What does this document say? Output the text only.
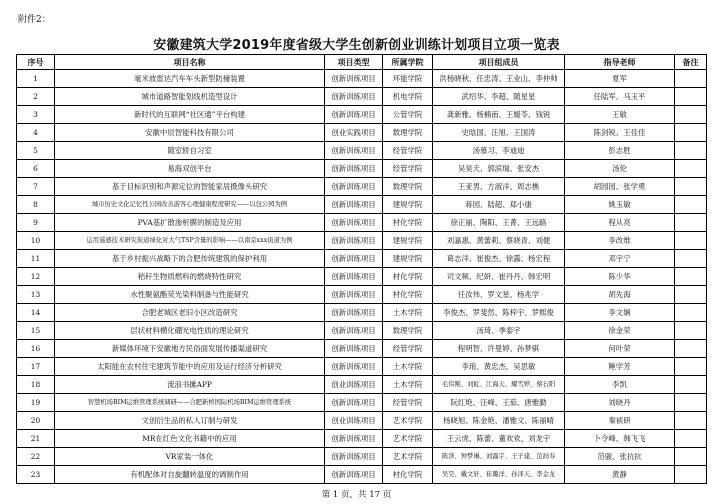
附件2：
安徽建筑大学2019年度省级大学生创新创业训练计划项目立项一览表
序号	项目名称	项目类型	所属学院	项目组成员	指导老师	备注
1	毫米波雷达汽车车头新型防撞装置	创新训练项目	环能学院	洪杨晓秋、任忠涛、王业山、李仲帅	夏军	
2	城市道路智能划线机造型设计	创新训练项目	机电学院	武绍华、李超、随星星	任陆军、马玉平	
3	新时代的互联网“社区通”平台构建	创新训练项目	公管学院	龚新雅、杨楠南、王嫒苓、钱锐	王敏	
4	安徽中辰智能科技有限公司	创业实践项目	数理学院	史晗国、汪旭、王国涛	陈剑锐、王佳佳	
5	随室轿自习室	创新训练项目	经管学院	汤慕习、李迪迪	彭志胜	
6	易海双创平台	创新训练项目	经管学院	吴昊天、郭滨瑞、张安杰	汤伦	
7	基于目标识别和声源定位的智能家居摄像头研究	创新训练项目	数理学院	王亚男、方淑洋、周志樵	胡园园、张学勇	
8	城市历史文化记忆性公园改善游客心理健康程度研究——以包公园为例	创新训练项目	建规学院	蒋园、陆超、郑小康	姚玉敏	
9	PVA基扩散渗析膜的制造及应用	创新训练项目	材化学院	徐正丽、陶阳、王菁、王远路	程从亮	
10	运用遥感技术研究街道绿化对大气TSP含量的影响——以南京xxx街道为例	创新训练项目	建规学院	刘嘉惠、黄蕾莉、蔡晓青、刘健	李改维	
11	基于乡村振兴战略下的合肥传统建筑的保护利用	创新训练项目	建规学院	葛志洋、崔俊杰、徐露、杨宏程	邓宇宁	
12	秸秆生物质燃料的燃烧特性研究	创新训练项目	材化学院	司文频、纪妍、崔丹丹、韩宏明	陈少华	
13	水性聚氨酯荧光染料制备与性能研究	创新训练项目	材化学院	任汝伟、罗文星、杨兆学	胡先海	
14	合肥老城区老旧小区改造研究	创新训练项目	土木学院	李俊杰、罗斐然、陈梓宇、罗熙俊	李文娴	
15	层状材料横化硼光电性质的理论研究	创新训练项目	数理学院	汤琦、季泰宇	徐金荣	
16	新媒体环境下安徽地方民俗面发展传播渠道研究	创新训练项目	经管学院	程明智、许曼婷、孙梦骐	何叶荣	
17	太阳能在农村住宅建筑节能中的应用及运行经济分析研究	创新训练项目	土木学院	李琅、黄忠杰、吴思敏	鲍学芳	
18	流浪书摊APP	创业训练项目	土木学院	毛伟刚、刘虹、江海天、耀雪婷、蔡石阳	李凯	
19	智慧机场BIM运维管理系统调研——合肥新桥国际机场BIM运维管理系统	创新训练项目	经管学院	阮红艳、汪峰、王茹、唐雅勤	刘晓丹	
20	文创衍生品的私人订制与研发	创业训练项目	艺术学院	杨晓旭、陈金艳、潘雅文、陈丽晴	秦祯研	
21	MR在红色文化书籍中的应用	创新训练项目	艺术学院	王云虎、陈蕾、董欢欢、刘龙宇	卜令峰、韩飞飞	
22	VR家装一体化	创新训练项目	艺术学院	陈泽、钟梦琳、刘露宇、王子建、范润寿	范骏、张抗抗	
23	有机配体对自旋翻转温度的调制作用	创新训练项目	材化学院	吴昊、戴文轩、崔璐洋、孙泽天、李金龙	黄静	
第 1 页，共 17 页
